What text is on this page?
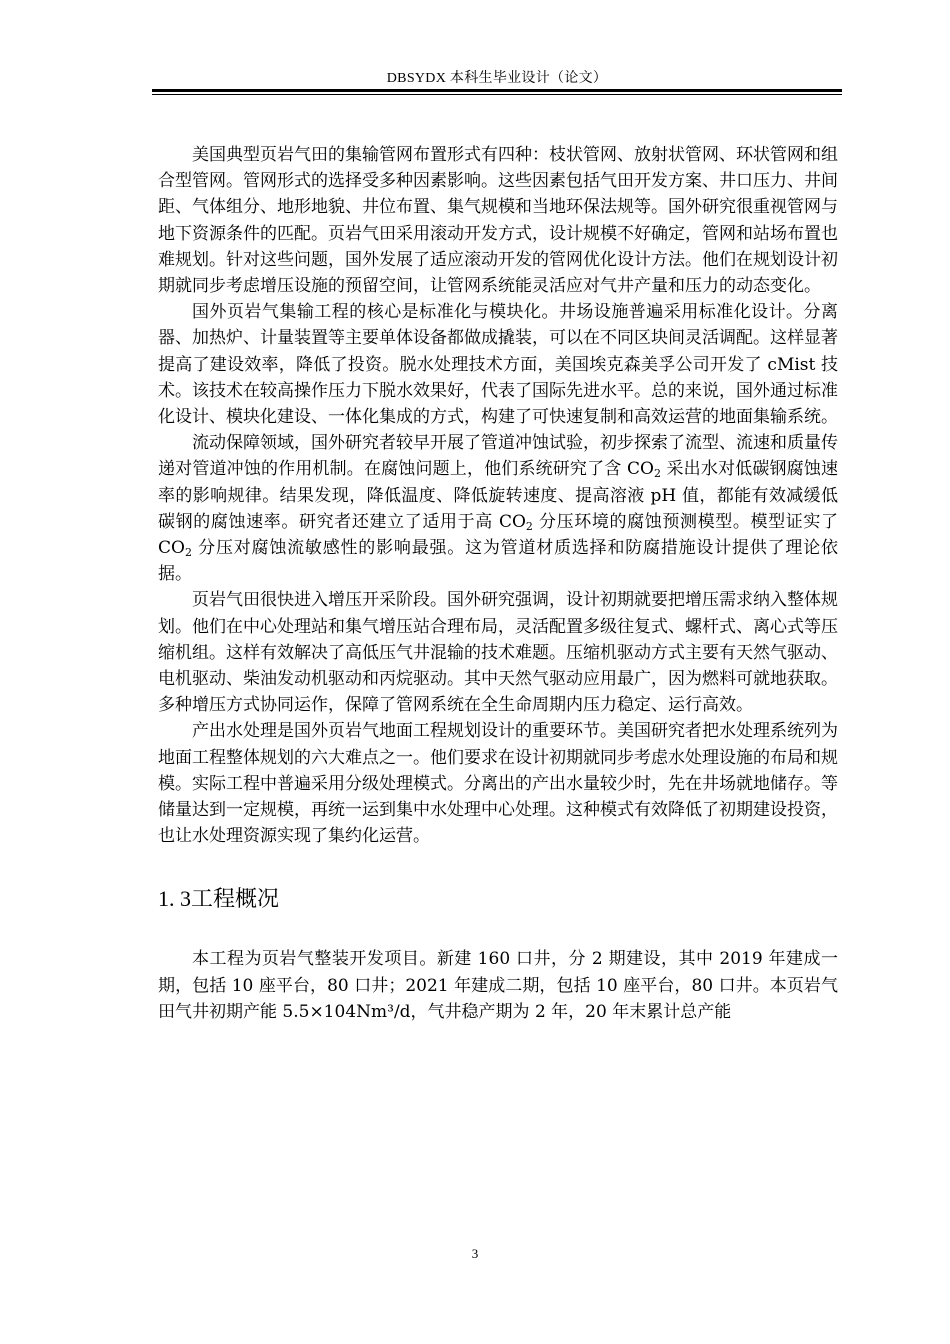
DBSYDX 本科生毕业设计（论文）

美国典型页岩气田的集输管网布置形式有四种：枝状管网、放射状管网、环状管网和组合型管网。管网形式的选择受多种因素影响。这些因素包括气田开发方案、井口压力、井间距、气体组分、地形地貌、井位布置、集气规模和当地环保法规等。国外研究很重视管网与地下资源条件的匹配。页岩气田采用滚动开发方式，设计规模不好确定，管网和站场布置也难规划。针对这些问题，国外发展了适应滚动开发的管网优化设计方法。他们在规划设计初期就同步考虑增压设施的预留空间，让管网系统能灵活应对气井产量和压力的动态变化。

国外页岩气集输工程的核心是标准化与模块化。井场设施普遍采用标准化设计。分离器、加热炉、计量装置等主要单体设备都做成撬装，可以在不同区块间灵活调配。这样显著提高了建设效率，降低了投资。脱水处理技术方面，美国埃克森美孚公司开发了 cMist 技术。该技术在较高操作压力下脱水效果好，代表了国际先进水平。总的来说，国外通过标准化设计、模块化建设、一体化集成的方式，构建了可快速复制和高效运营的地面集输系统。

流动保障领域，国外研究者较早开展了管道冲蚀试验，初步探索了流型、流速和质量传递对管道冲蚀的作用机制。在腐蚀问题上，他们系统研究了含 $CO_2$ 采出水对低碳钢腐蚀速率的影响规律。结果发现，降低温度、降低旋转速度、提高溶液 pH 值，都能有效减缓低碳钢的腐蚀速率。研究者还建立了适用于高 $CO_2$ 分压环境的腐蚀预测模型。模型证实了 $CO_2$ 分压对腐蚀流敏感性的影响最强。这为管道材质选择和防腐措施设计提供了理论依据。

页岩气田很快进入增压开采阶段。国外研究强调，设计初期就要把增压需求纳入整体规划。他们在中心处理站和集气增压站合理布局，灵活配置多级往复式、螺杆式、离心式等压缩机组。这样有效解决了高低压气井混输的技术难题。压缩机驱动方式主要有天然气驱动、电机驱动、柴油发动机驱动和丙烷驱动。其中天然气驱动应用最广，因为燃料可就地获取。多种增压方式协同运作，保障了管网系统在全生命周期内压力稳定、运行高效。

产出水处理是国外页岩气地面工程规划设计的重要环节。美国研究者把水处理系统列为地面工程整体规划的六大难点之一。他们要求在设计初期就同步考虑水处理设施的布局和规模。实际工程中普遍采用分级处理模式。分离出的产出水量较少时，先在井场就地储存。等储量达到一定规模，再统一运到集中水处理中心处理。这种模式有效降低了初期建设投资，也让水处理资源实现了集约化运营。

1. 3工程概况

本工程为页岩气整装开发项目。新建 160 口井，分 2 期建设，其中 2019 年建成一期，包括 10 座平台，80 口井；2021 年建成二期，包括 10 座平台，80 口井。本页岩气田气井初期产能 5.5×104Nm³/d，气井稳产期为 2 年，20 年末累计总产能

3
